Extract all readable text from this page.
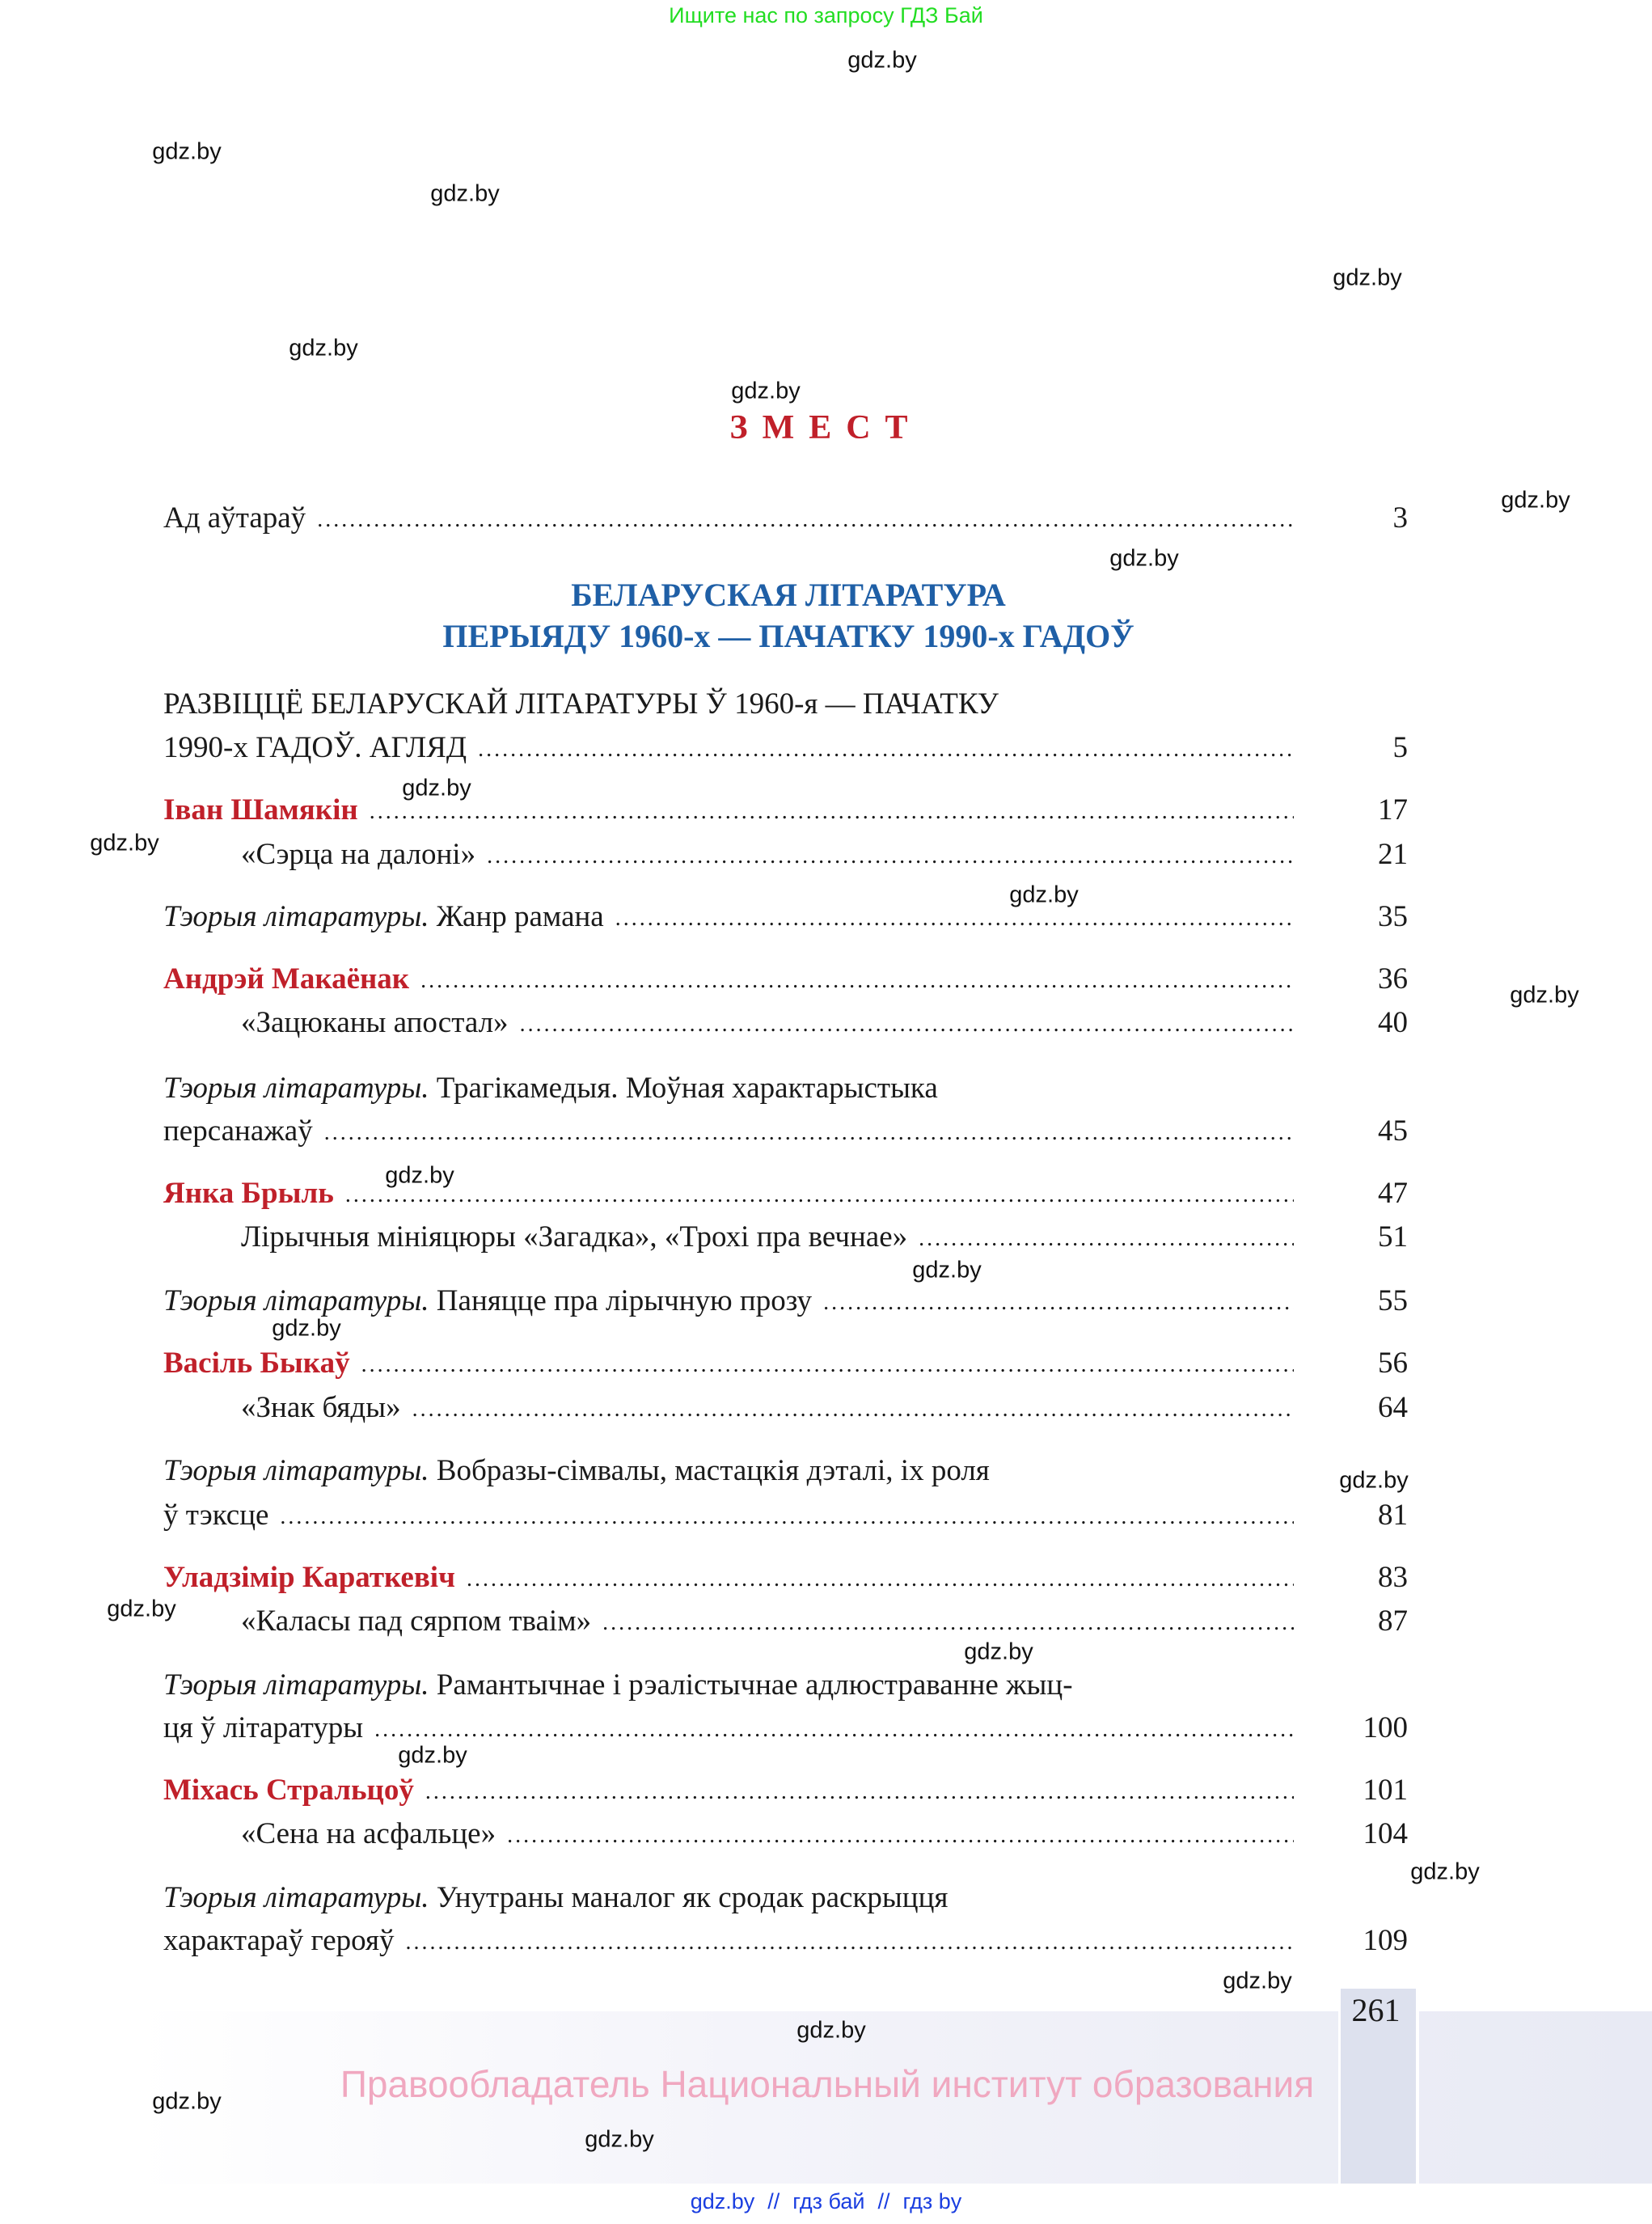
Ищите нас по запросу ГДЗ Бай
gdz.by
gdz.by
gdz.by
gdz.by
gdz.by
gdz.by
gdz.by
gdz.by
gdz.by
gdz.by
gdz.by
gdz.by
gdz.by
gdz.by
gdz.by
gdz.by
gdz.by
gdz.by
gdz.by
gdz.by
gdz.by
gdz.by
gdz.by
gdz.by
ЗМЕСТ
БЕЛАРУСКАЯ ЛІТАРАТУРА
ПЕРЫЯДУ 1960-х — ПАЧАТКУ 1990-х ГАДОЎ
Ад аўтараў .....	3
РАЗВІЦЦЁ БЕЛАРУСКАЙ ЛІТАРАТУРЫ Ў 1960-я — ПАЧАТКУ
1990-х ГАДОЎ. АГЛЯД .....	5
Іван Шамякін .....	17
«Сэрца на далоні» .....	21
Тэорыя літаратуры. Жанр рамана .....	35
Андрэй Макаёнак .....	36
«Зацюканы апостал» .....	40
Тэорыя літаратуры. Трагікамедыя. Моўная характарыстыка
персанажаў .....	45
Янка Брыль .....	47
Лірычныя мініяцюры «Загадка», «Трохі пра вечнае» .....	51
Тэорыя літаратуры. Паняцце пра лірычную прозу .....	55
Васіль Быкаў .....	56
«Знак бяды» .....	64
Тэорыя літаратуры. Вобразы-сімвалы, мастацкія дэталі, іх роля
ў тэксце .....	81
Уладзімір Караткевіч .....	83
«Каласы пад сярпом тваім» .....	87
Тэорыя літаратуры. Рамантычнае і рэалістычнае адлюстраванне жыц-
ця ў літаратуры .....	100
Міхась Стральцоў .....	101
«Сена на асфальце» .....	104
Тэорыя літаратуры. Унутраны маналог як сродак раскрыцця
характараў герояў .....	109
261
Правообладатель Национальный институт образования
gdz.by // гдз бай // гдз by
